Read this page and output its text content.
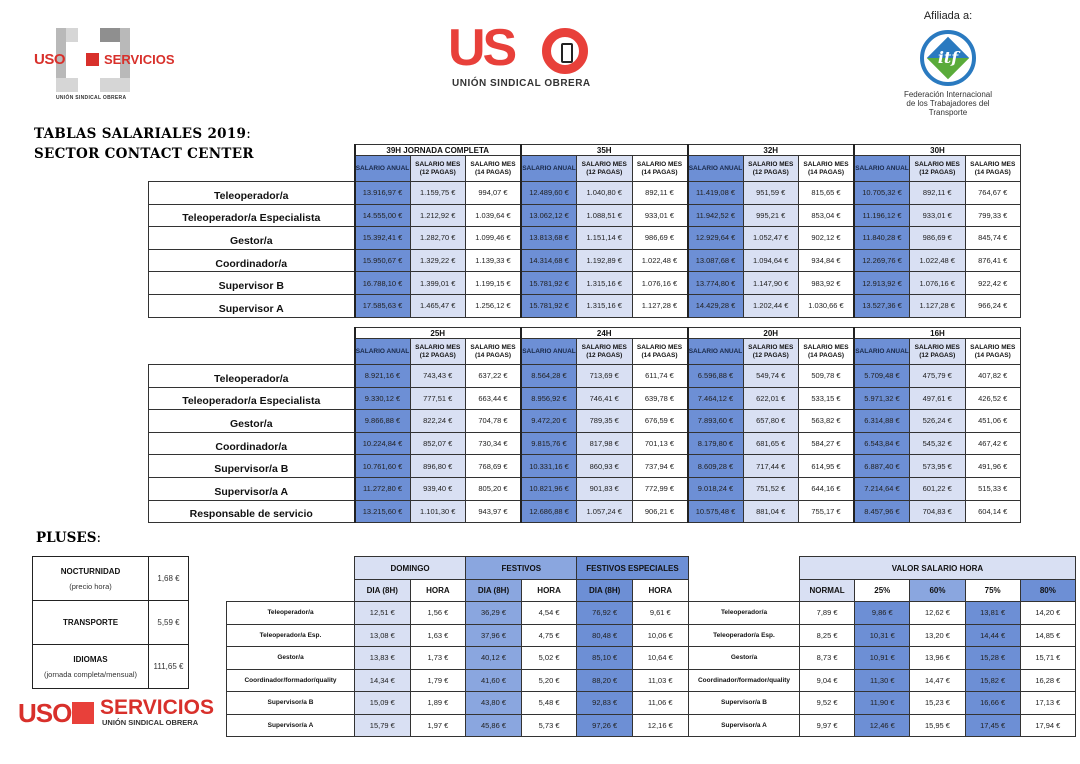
USO	SERVICIOS
UNIÓN SINDICAL OBRERA
US
UNIÓN SINDICAL OBRERA
Afiliada a:
itf
Federación Internacional
de los Trabajadores del
Transporte
TABLAS SALARIALES 2019:
SECTOR CONTACT CENTER
		39H JORNADA COMPLETA			35H			32H			30H		
	SALARIO ANUAL	SALARIO MES (12 PAGAS)	SALARIO MES (14 PAGAS)	SALARIO ANUAL	SALARIO MES (12 PAGAS)	SALARIO MES (14 PAGAS)	SALARIO ANUAL	SALARIO MES (12 PAGAS)	SALARIO MES (14 PAGAS)	SALARIO ANUAL	SALARIO MES (12 PAGAS)	SALARIO MES (14 PAGAS)
Teleoperador/a	13.916,97 €	1.159,75 €	994,07 €	12.489,60 €	1.040,80 €	892,11 €	11.419,08 €	951,59 €	815,65 €	10.705,32 €	892,11 €	764,67 €
Teleoperador/a Especialista	14.555,00 €	1.212,92 €	1.039,64 €	13.062,12 €	1.088,51 €	933,01 €	11.942,52 €	995,21 €	853,04 €	11.196,12 €	933,01 €	799,33 €
Gestor/a	15.392,41 €	1.282,70 €	1.099,46 €	13.813,68 €	1.151,14 €	986,69 €	12.929,64 €	1.052,47 €	902,12 €	11.840,28 €	986,69 €	845,74 €
Coordinador/a	15.950,67 €	1.329,22 €	1.139,33 €	14.314,68 €	1.192,89 €	1.022,48 €	13.087,68 €	1.094,64 €	934,84 €	12.269,76 €	1.022,48 €	876,41 €
Supervisor B	16.788,10 €	1.399,01 €	1.199,15 €	15.781,92 €	1.315,16 €	1.076,16 €	13.774,80 €	1.147,90 €	983,92 €	12.913,92 €	1.076,16 €	922,42 €
Supervisor A	17.585,63 €	1.465,47 €	1.256,12 €	15.781,92 €	1.315,16 €	1.127,28 €	14.429,28 €	1.202,44 €	1.030,66 €	13.527,36 €	1.127,28 €	966,24 €
	25H			24H			20H			16H		
	SALARIO ANUAL	SALARIO MES (12 PAGAS)	SALARIO MES (14 PAGAS)	SALARIO ANUAL	SALARIO MES (12 PAGAS)	SALARIO MES (14 PAGAS)	SALARIO ANUAL	SALARIO MES (12 PAGAS)	SALARIO MES (14 PAGAS)	SALARIO ANUAL	SALARIO MES (12 PAGAS)	SALARIO MES (14 PAGAS)
Teleoperador/a	8.921,16 €	743,43 €	637,22 €	8.564,28 €	713,69 €	611,74 €	6.596,88 €	549,74 €	509,78 €	5.709,48 €	475,79 €	407,82 €
Teleoperador/a Especialista	9.330,12 €	777,51 €	663,44 €	8.956,92 €	746,41 €	639,78 €	7.464,12 €	622,01 €	533,15 €	5.971,32 €	497,61 €	426,52 €
Gestor/a	9.866,88 €	822,24 €	704,78 €	9.472,20 €	789,35 €	676,59 €	7.893,60 €	657,80 €	563,82 €	6.314,88 €	526,24 €	451,06 €
Coordinador/a	10.224,84 €	852,07 €	730,34 €	9.815,76 €	817,98 €	701,13 €	8.179,80 €	681,65 €	584,27 €	6.543,84 €	545,32 €	467,42 €
Supervisor/a B	10.761,60 €	896,80 €	768,69 €	10.331,16 €	860,93 €	737,94 €	8.609,28 €	717,44 €	614,95 €	6.887,40 €	573,95 €	491,96 €
Supervisor/a A	11.272,80 €	939,40 €	805,20 €	10.821,96 €	901,83 €	772,99 €	9.018,24 €	751,52 €	644,16 €	7.214,64 €	601,22 €	515,33 €
Responsable de servicio	13.215,60 €	1.101,30 €	943,97 €	12.686,88 €	1.057,24 €	906,21 €	10.575,48 €	881,04 €	755,17 €	8.457,96 €	704,83 €	604,14 €
PLUSES:
NOCTURNIDAD
(precio hora)	1,68 €

TRANSPORTE	5,59 €

IDIOMAS
(jornada completa/mensual)	111,65 €
USO SERVICIOS
UNIÓN SINDICAL OBRERA
	DOMINGO		FESTIVOS		FESTIVOS ESPECIALES	
	DIA (8H)	HORA	DIA (8H)	HORA	DIA (8H)	HORA
Teleoperador/a	12,51 €	1,56 €	36,29 €	4,54 €	76,92 €	9,61 €
Teleoperador/a Esp.	13,08 €	1,63 €	37,96 €	4,75 €	80,48 €	10,06 €
Gestor/a	13,83 €	1,73 €	40,12 €	5,02 €	85,10 €	10,64 €
Coordinador/formador/quality	14,34 €	1,79 €	41,60 €	5,20 €	88,20 €	11,03 €
Supervisor/a B	15,09 €	1,89 €	43,80 €	5,48 €	92,83 €	11,06 €
Supervisor/a A	15,79 €	1,97 €	45,86 €	5,73 €	97,26 €	12,16 €
	VALOR SALARIO HORA				
	NORMAL	25%	60%	75%	80%
Teleoperador/a	7,89 €	9,86 €	12,62 €	13,81 €	14,20 €
Teleoperador/a Esp.	8,25 €	10,31 €	13,20 €	14,44 €	14,85 €
Gestor/a	8,73 €	10,91 €	13,96 €	15,28 €	15,71 €
Coordinador/formador/quality	9,04 €	11,30 €	14,47 €	15,82 €	16,28 €
Supervisor/a B	9,52 €	11,90 €	15,23 €	16,66 €	17,13 €
Supervisor/a A	9,97 €	12,46 €	15,95 €	17,45 €	17,94 €
